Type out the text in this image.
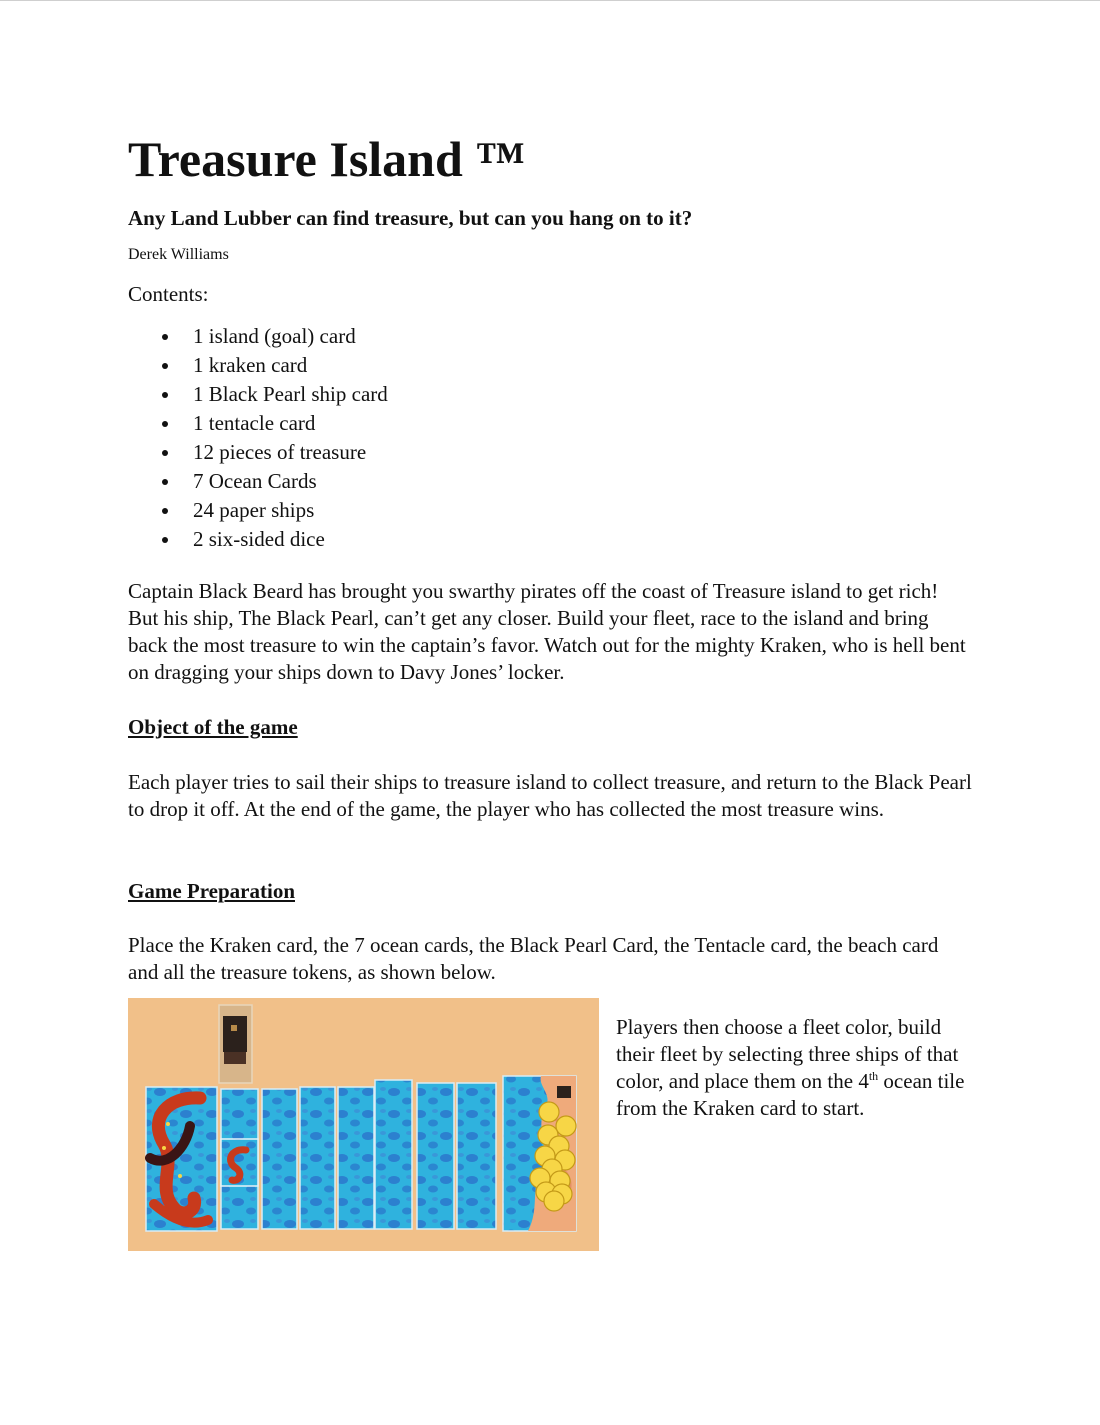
Treasure Island ™
Any Land Lubber can find treasure, but can you hang on to it?
Derek Williams
Contents:
1 island (goal) card
1 kraken card
1 Black Pearl ship card
1 tentacle card
12 pieces of treasure
7 Ocean Cards
24 paper ships
2 six-sided dice

Captain Black Beard has brought you swarthy pirates off the coast of Treasure island to get rich! But his ship, The Black Pearl, can’t get any closer. Build your fleet, race to the island and bring back the most treasure to win the captain’s favor. Watch out for the mighty Kraken, who is hell bent on dragging your ships down to Davy Jones’ locker.

Object of the game

Each player tries to sail their ships to treasure island to collect treasure, and return to the Black Pearl to drop it off. At the end of the game, the player who has collected the most treasure wins.

Game Preparation

Place the Kraken card, the 7 ocean cards, the Black Pearl Card, the Tentacle card, the beach card and all the treasure tokens, as shown below.

Players then choose a fleet color, build their fleet by selecting three ships of that color, and place them on the 4th ocean tile from the Kraken card to start.
